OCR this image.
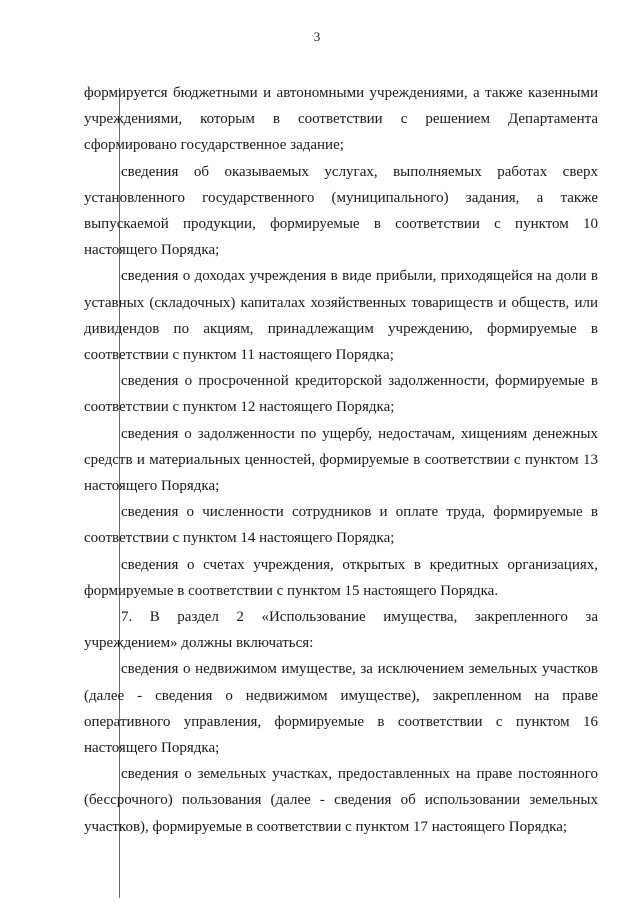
3

формируется бюджетными и автономными учреждениями, а также казенными учреждениями, которым в соответствии с решением Департамента сформировано государственное задание;

сведения об оказываемых услугах, выполняемых работах сверх установленного государственного (муниципального) задания, а также выпускаемой продукции, формируемые в соответствии с пунктом 10 настоящего Порядка;

сведения о доходах учреждения в виде прибыли, приходящейся на доли в уставных (складочных) капиталах хозяйственных товариществ и обществ, или дивидендов по акциям, принадлежащим учреждению, формируемые в соответствии с пунктом 11 настоящего Порядка;

сведения о просроченной кредиторской задолженности, формируемые в соответствии с пунктом 12 настоящего Порядка;

сведения о задолженности по ущербу, недостачам, хищениям денежных средств и материальных ценностей, формируемые в соответствии с пунктом 13 настоящего Порядка;

сведения о численности сотрудников и оплате труда, формируемые в соответствии с пунктом 14 настоящего Порядка;

сведения о счетах учреждения, открытых в кредитных организациях, формируемые в соответствии с пунктом 15 настоящего Порядка.

7. В раздел 2 «Использование имущества, закрепленного за учреждением» должны включаться:

сведения о недвижимом имуществе, за исключением земельных участков (далее - сведения о недвижимом имуществе), закрепленном на праве оперативного управления, формируемые в соответствии с пунктом 16 настоящего Порядка;

сведения о земельных участках, предоставленных на праве постоянного (бессрочного) пользования (далее - сведения об использовании земельных участков), формируемые в соответствии с пунктом 17 настоящего Порядка;
